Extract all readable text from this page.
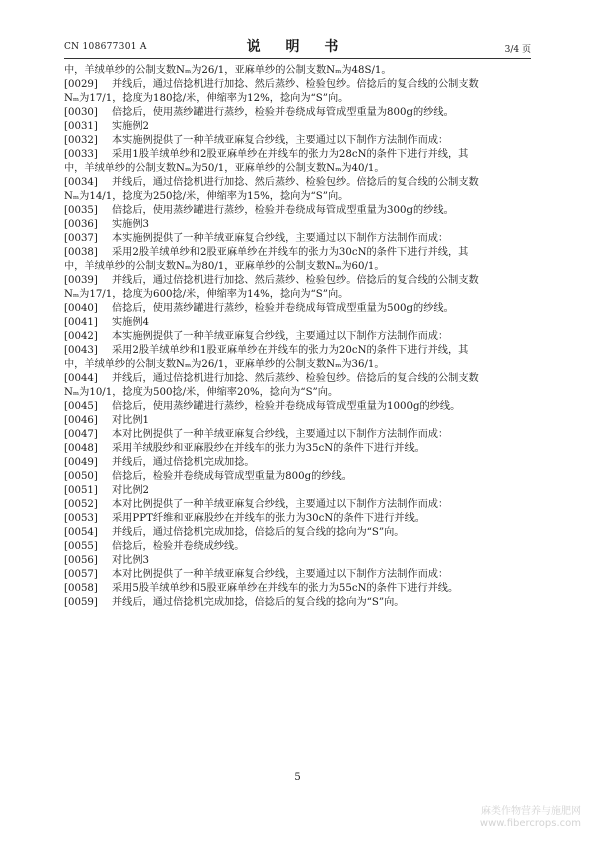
CN 108677301 A	说 明 书	3/4 页
中，羊绒单纱的公制支数Nₘ为26/1，亚麻单纱的公制支数Nₘ为48S/1。
[0029]	并线后，通过倍捻机进行加捻、然后蒸纱、检验包纱。倍捻后的复合线的公制支数
Nₘ为17/1，捻度为180捻/米，伸缩率为12%，捻向为“S”向。
[0030]	倍捻后，使用蒸纱罐进行蒸纱，检验并卷绕成每管成型重量为800g的纱线。
[0031]	实施例2
[0032]	本实施例提供了一种羊绒亚麻复合纱线，主要通过以下制作方法制作而成：
[0033]	采用1股羊绒单纱和2股亚麻单纱在并线车的张力为28cN的条件下进行并线，其
中，羊绒单纱的公制支数Nₘ为50/1，亚麻单纱的公制支数Nₘ为40/1。
[0034]	并线后，通过倍捻机进行加捻、然后蒸纱、检验包纱。倍捻后的复合线的公制支数
Nₘ为14/1，捻度为250捻/米，伸缩率为15%，捻向为“S”向。
[0035]	倍捻后，使用蒸纱罐进行蒸纱，检验并卷绕成每管成型重量为300g的纱线。
[0036]	实施例3
[0037]	本实施例提供了一种羊绒亚麻复合纱线，主要通过以下制作方法制作而成：
[0038]	采用2股羊绒单纱和2股亚麻单纱在并线车的张力为30cN的条件下进行并线，其
中，羊绒单纱的公制支数Nₘ为80/1，亚麻单纱的公制支数Nₘ为60/1。
[0039]	并线后，通过倍捻机进行加捻、然后蒸纱、检验包纱。倍捻后的复合线的公制支数
Nₘ为17/1，捻度为600捻/米，伸缩率为14%，捻向为“S”向。
[0040]	倍捻后，使用蒸纱罐进行蒸纱，检验并卷绕成每管成型重量为500g的纱线。
[0041]	实施例4
[0042]	本实施例提供了一种羊绒亚麻复合纱线，主要通过以下制作方法制作而成：
[0043]	采用2股羊绒单纱和1股亚麻单纱在并线车的张力为20cN的条件下进行并线，其
中，羊绒单纱的公制支数Nₘ为26/1，亚麻单纱的公制支数Nₘ为36/1。
[0044]	并线后，通过倍捻机进行加捻、然后蒸纱、检验包纱。倍捻后的复合线的公制支数
Nₘ为10/1，捻度为500捻/米，伸缩率20%，捻向为“S”向。
[0045]	倍捻后，使用蒸纱罐进行蒸纱，检验并卷绕成每管成型重量为1000g的纱线。
[0046]	对比例1
[0047]	本对比例提供了一种羊绒亚麻复合纱线，主要通过以下制作方法制作而成：
[0048]	采用羊绒股纱和亚麻股纱在并线车的张力为35cN的条件下进行并线。
[0049]	并线后，通过倍捻机完成加捻。
[0050]	倍捻后，检验并卷绕成每管成型重量为800g的纱线。
[0051]	对比例2
[0052]	本对比例提供了一种羊绒亚麻复合纱线，主要通过以下制作方法制作而成：
[0053]	采用PPT纤维和亚麻股纱在并线车的张力为30cN的条件下进行并线。
[0054]	并线后，通过倍捻机完成加捻，倍捻后的复合线的捻向为“S”向。
[0055]	倍捻后，检验并卷绕成纱线。
[0056]	对比例3
[0057]	本对比例提供了一种羊绒亚麻复合纱线，主要通过以下制作方法制作而成：
[0058]	采用5股羊绒单纱和5股亚麻单纱在并线车的张力为55cN的条件下进行并线。
[0059]	并线后，通过倍捻机完成加捻，倍捻后的复合线的捻向为“S”向。
5
麻类作物营养与施肥网
www.fibercrops.com
